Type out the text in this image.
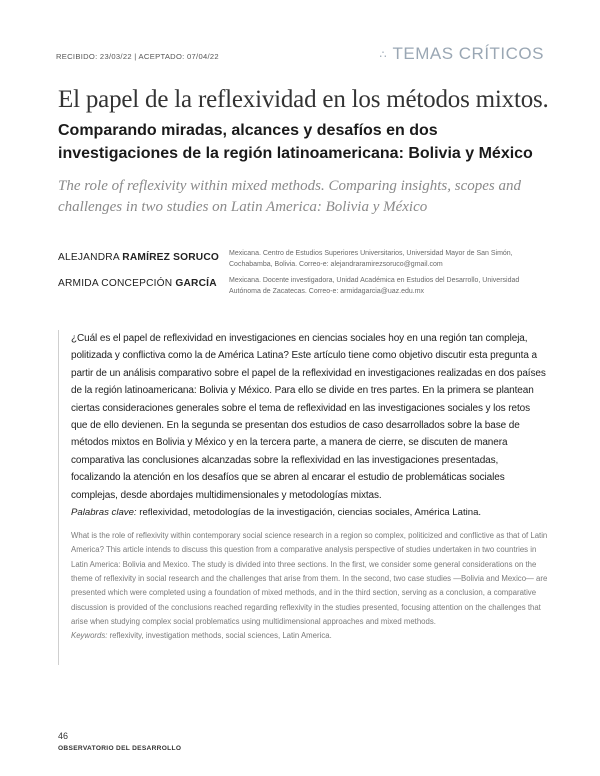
RECIBIDO: 23/03/22 | ACEPTADO: 07/04/22	∴ TEMAS CRÍTICOS
El papel de la reflexividad en los métodos mixtos.
Comparando miradas, alcances y desafíos en dos investigaciones de la región latinoamericana: Bolivia y México
The role of reflexivity within mixed methods. Comparing insights, scopes and challenges in two studies on Latin America: Bolivia y México
ALEJANDRA RAMÍREZ SORUCO Mexicana. Centro de Estudios Superiores Universitarios, Universidad Mayor de San Simón, Cochabamba, Bolivia. Correo-e: alejandraramirezsoruco@gmail.com
ARMIDA CONCEPCIÓN GARCÍA Mexicana. Docente investigadora, Unidad Académica en Estudios del Desarrollo, Universidad Autónoma de Zacatecas. Correo-e: armidagarcia@uaz.edu.mx

¿Cuál es el papel de reflexividad en investigaciones en ciencias sociales hoy en una región tan compleja, politizada y conflictiva como la de América Latina? Este artículo tiene como objetivo discutir esta pregunta a partir de un análisis comparativo sobre el papel de la reflexividad en investigaciones realizadas en dos países de la región latinoamericana: Bolivia y México. Para ello se divide en tres partes. En la primera se plantean ciertas consideraciones generales sobre el tema de reflexividad en las investigaciones sociales y los retos que de ello devienen. En la segunda se presentan dos estudios de caso desarrollados sobre la base de métodos mixtos en Bolivia y México y en la tercera parte, a manera de cierre, se discuten de manera comparativa las conclusiones alcanzadas sobre la reflexividad en las investigaciones presentadas, focalizando la atención en los desafíos que se abren al encarar el estudio de problemáticas sociales complejas, desde abordajes multidimensionales y metodologías mixtas.

Palabras clave: reflexividad, metodologías de la investigación, ciencias sociales, América Latina.

What is the role of reflexivity within contemporary social science research in a region so complex, politicized and conflictive as that of Latin America? This article intends to discuss this question from a comparative analysis perspective of studies undertaken in two countries in Latin America: Bolivia and Mexico. The study is divided into three sections. In the first, we consider some general considerations on the theme of reflexivity in social research and the challenges that arise from them. In the second, two case studies —Bolivia and Mexico— are presented which were completed using a foundation of mixed methods, and in the third section, serving as a conclusion, a comparative discussion is provided of the conclusions reached regarding reflexivity in the studies presented, focusing attention on the challenges that arise when studying complex social problematics using multidimensional approaches and mixed methods.

Keywords: reflexivity, investigation methods, social sciences, Latin America.

46
OBSERVATORIO DEL DESARROLLO
